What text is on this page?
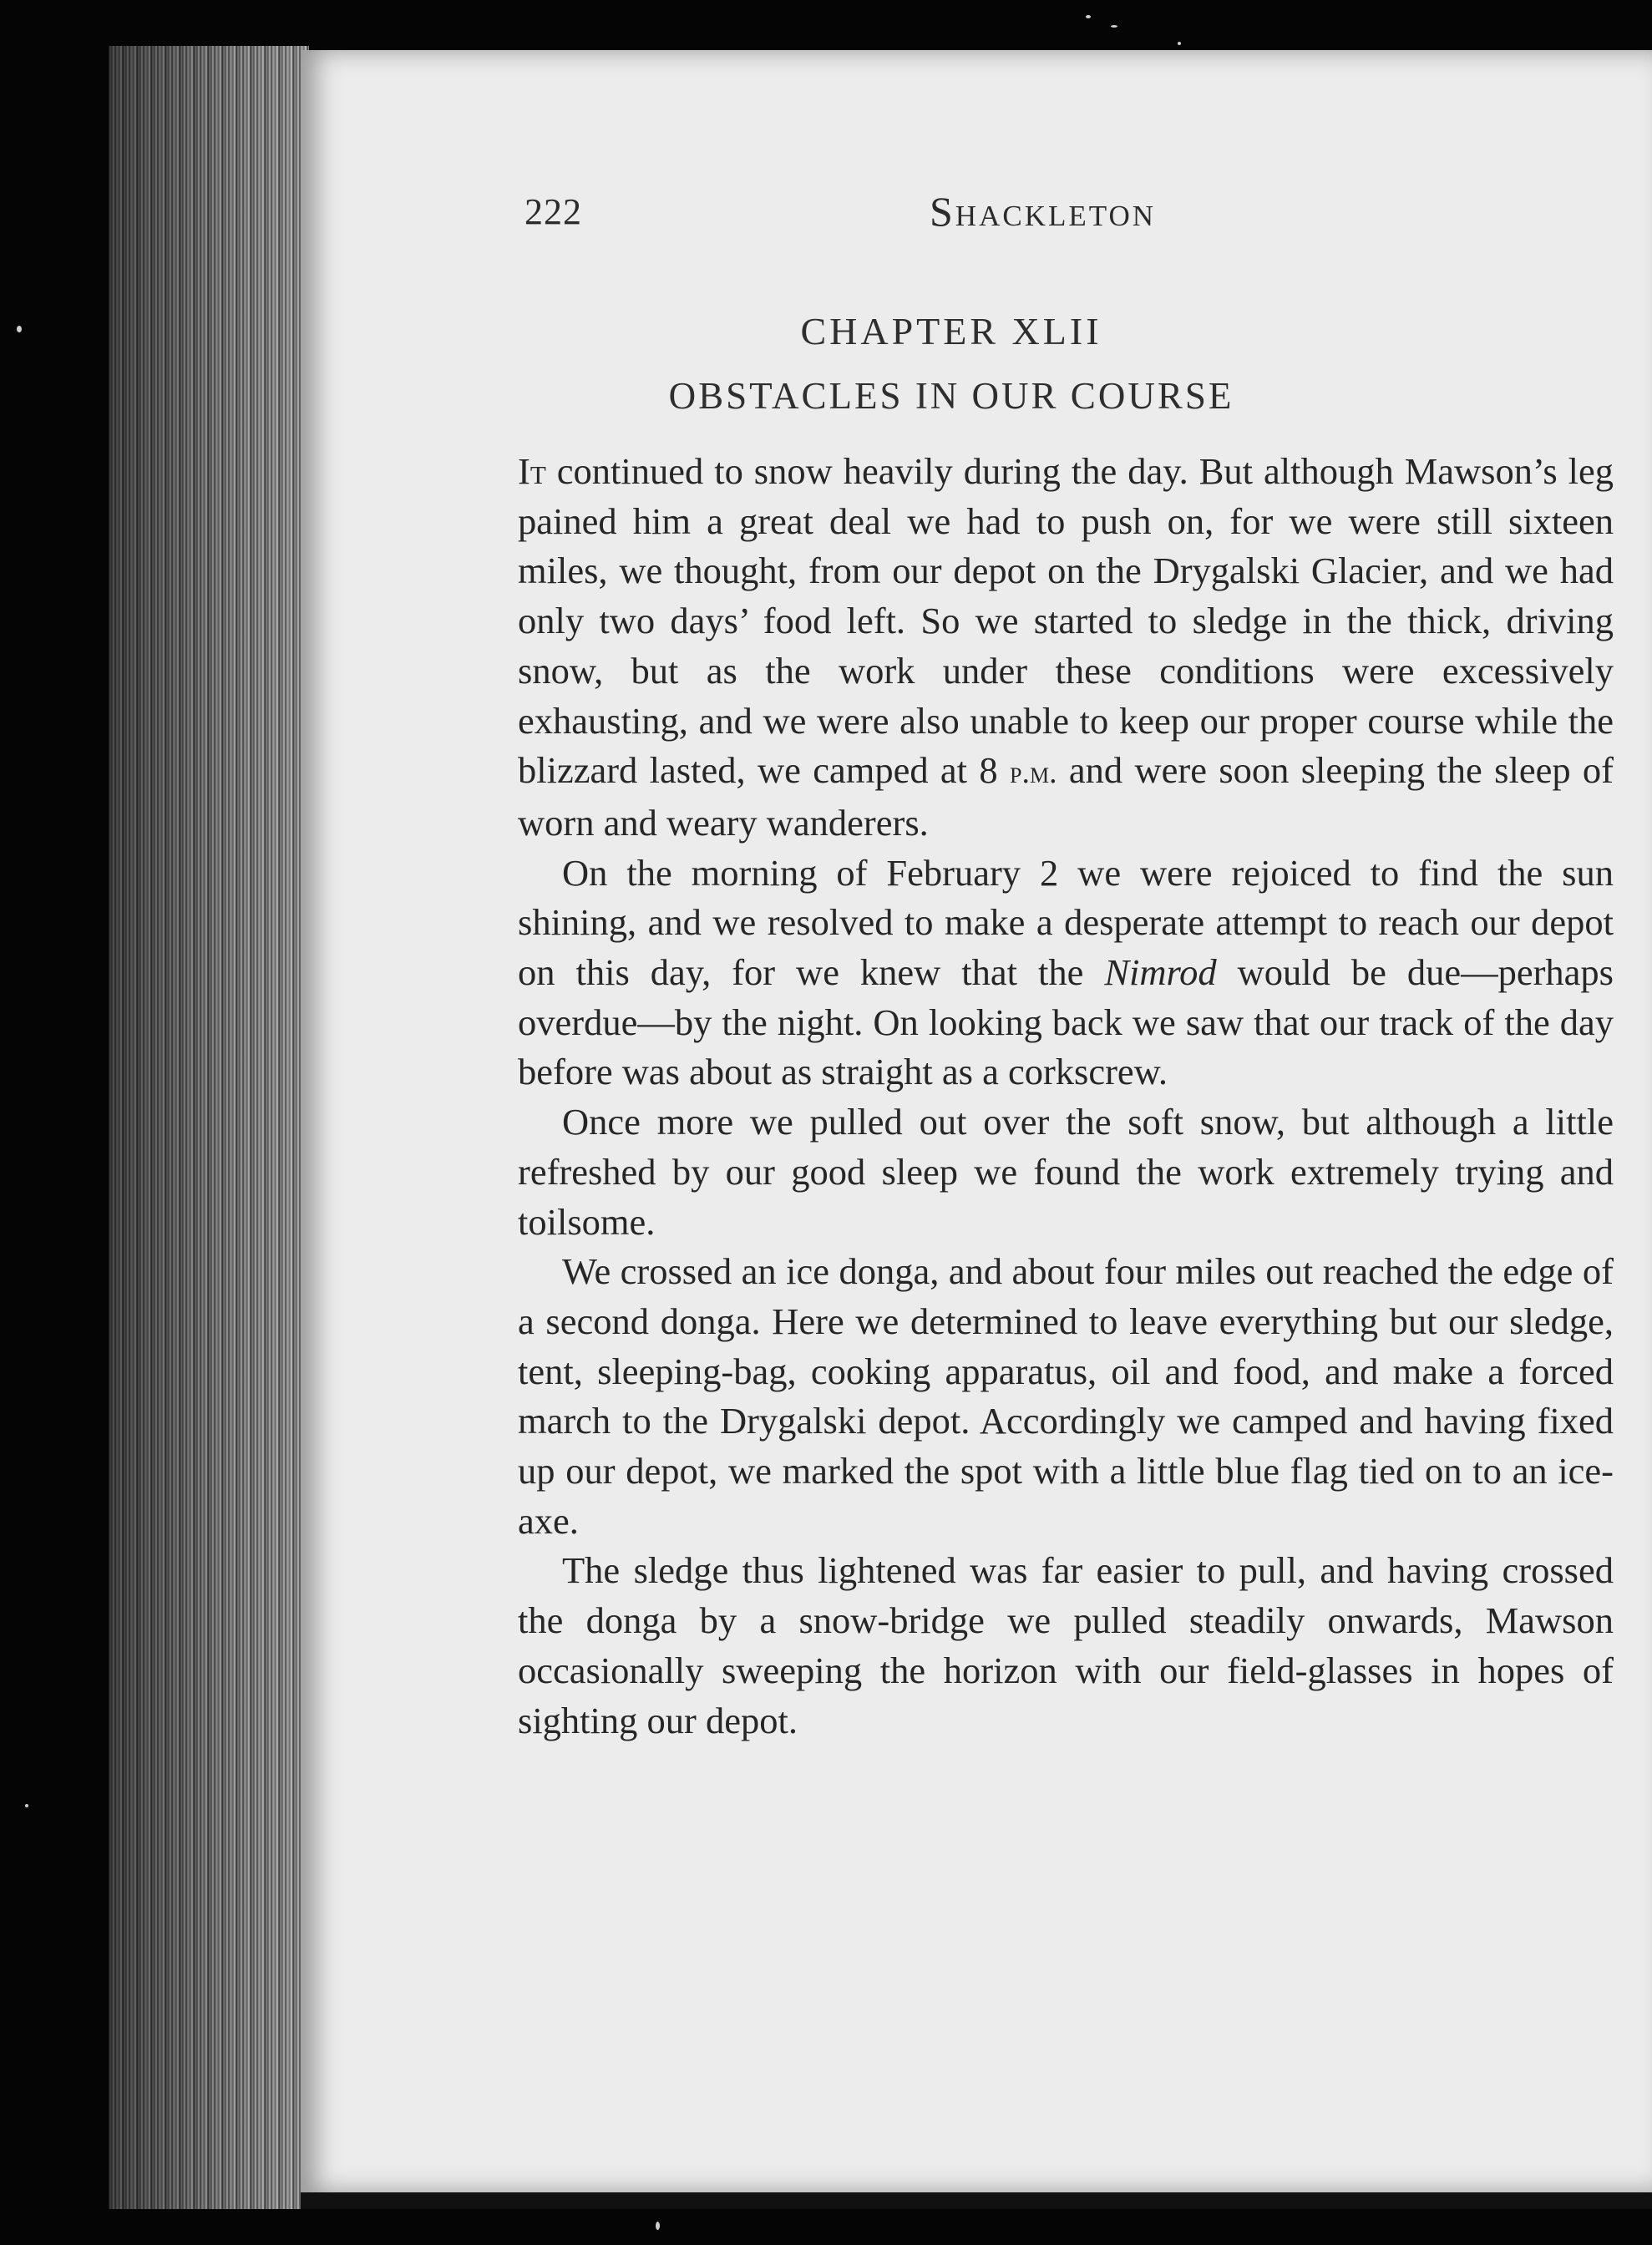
222	Shackleton
CHAPTER XLII
OBSTACLES IN OUR COURSE

It continued to snow heavily during the day. But although Mawson’s leg pained him a great deal we had to push on, for we were still sixteen miles, we thought, from our depot on the Drygalski Glacier, and we had only two days’ food left. So we started to sledge in the thick, driving snow, but as the work under these conditions were excessively exhausting, and we were also unable to keep our proper course while the blizzard lasted, we camped at 8 p.m. and were soon sleeping the sleep of worn and weary wanderers.

On the morning of February 2 we were rejoiced to find the sun shining, and we resolved to make a desperate attempt to reach our depot on this day, for we knew that the Nimrod would be due—perhaps overdue—by the night. On looking back we saw that our track of the day before was about as straight as a corkscrew.

Once more we pulled out over the soft snow, but although a little refreshed by our good sleep we found the work extremely trying and toilsome.

We crossed an ice donga, and about four miles out reached the edge of a second donga. Here we determined to leave everything but our sledge, tent, sleeping-bag, cooking apparatus, oil and food, and make a forced march to the Drygalski depot. Accordingly we camped and having fixed up our depot, we marked the spot with a little blue flag tied on to an ice-axe.

The sledge thus lightened was far easier to pull, and having crossed the donga by a snow-bridge we pulled steadily onwards, Mawson occasionally sweeping the horizon with our field-glasses in hopes of sighting our depot.
